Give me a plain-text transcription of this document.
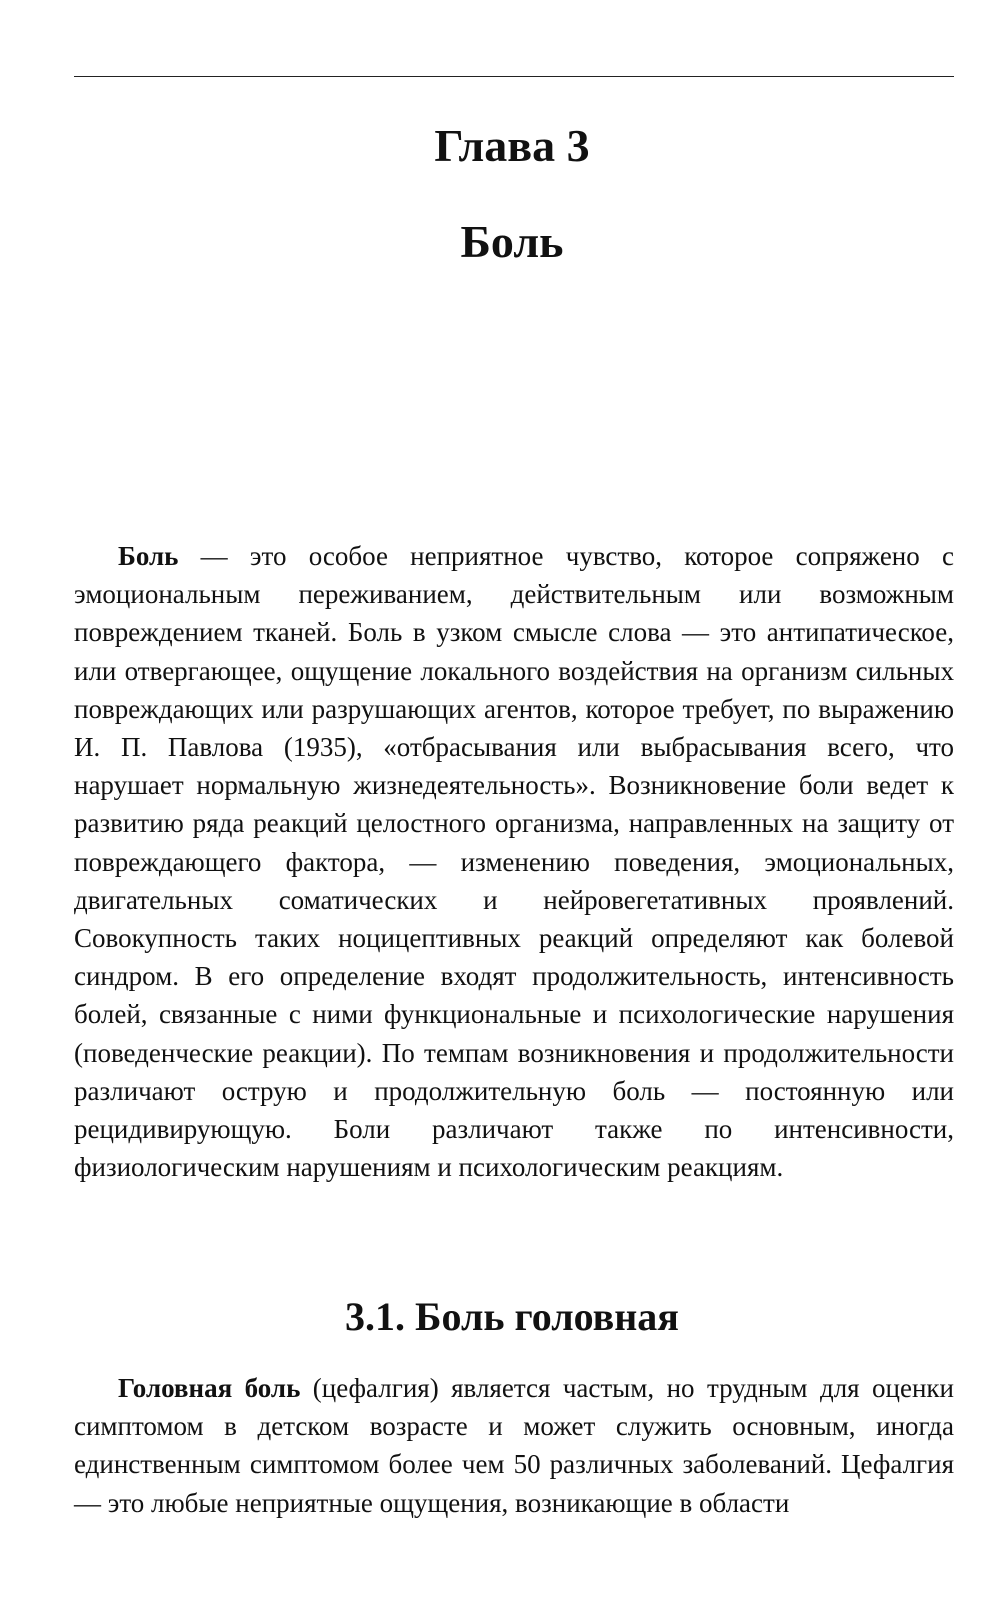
Глава 3
Боль

Боль — это особое неприятное чувство, которое сопряжено с эмоциональным переживанием, действительным или возможным повреждением тканей. Боль в узком смысле слова — это антипатическое, или отвергающее, ощущение локального воздействия на организм сильных повреждающих или разрушающих агентов, которое требует, по выражению И. П. Павлова (1935), «отбрасывания или выбрасывания всего, что нарушает нормальную жизнедеятельность». Возникновение боли ведет к развитию ряда реакций целостного организма, направленных на защиту от повреждающего фактора, — изменению поведения, эмоциональных, двигательных соматических и нейровегетативных проявлений. Совокупность таких ноцицептивных реакций определяют как болевой синдром. В его определение входят продолжительность, интенсивность болей, связанные с ними функциональные и психологические нарушения (поведенческие реакции). По темпам возникновения и продолжительности различают острую и продолжительную боль — постоянную или рецидивирующую. Боли различают также по интенсивности, физиологическим нарушениям и психологическим реакциям.

3.1. Боль головная

Головная боль (цефалгия) является частым, но трудным для оценки симптомом в детском возрасте и может служить основным, иногда единственным симптомом более чем 50 различных заболеваний. Цефалгия — это любые неприятные ощущения, возникающие в области
